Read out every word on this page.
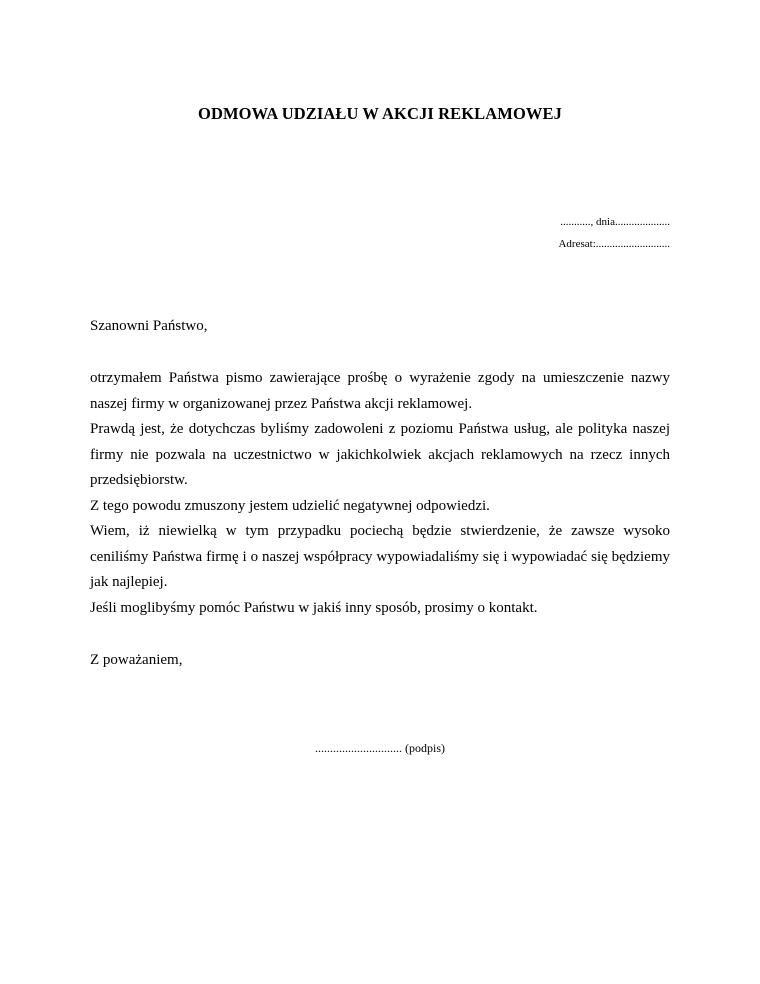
ODMOWA UDZIAŁU W AKCJI REKLAMOWEJ
..........., dnia....................
Adresat:...........................
Szanowni Państwo,

otrzymałem Państwa pismo zawierające prośbę o wyrażenie zgody na umieszczenie nazwy naszej firmy w organizowanej przez Państwa akcji reklamowej.

Prawdą jest, że dotychczas byliśmy zadowoleni z poziomu Państwa usług, ale polityka naszej firmy nie pozwala na uczestnictwo w jakichkolwiek akcjach reklamowych na rzecz innych przedsiębiorstw.

Z tego powodu zmuszony jestem udzielić negatywnej odpowiedzi.

Wiem, iż niewielką w tym przypadku pociechą będzie stwierdzenie, że zawsze wysoko ceniliśmy Państwa firmę i o naszej współpracy wypowiadaliśmy się i wypowiadać się będziemy jak najlepiej.

Jeśli moglibyśmy pomóc Państwu w jakiś inny sposób, prosimy o kontakt.

Z poważaniem,
............................. (podpis)
